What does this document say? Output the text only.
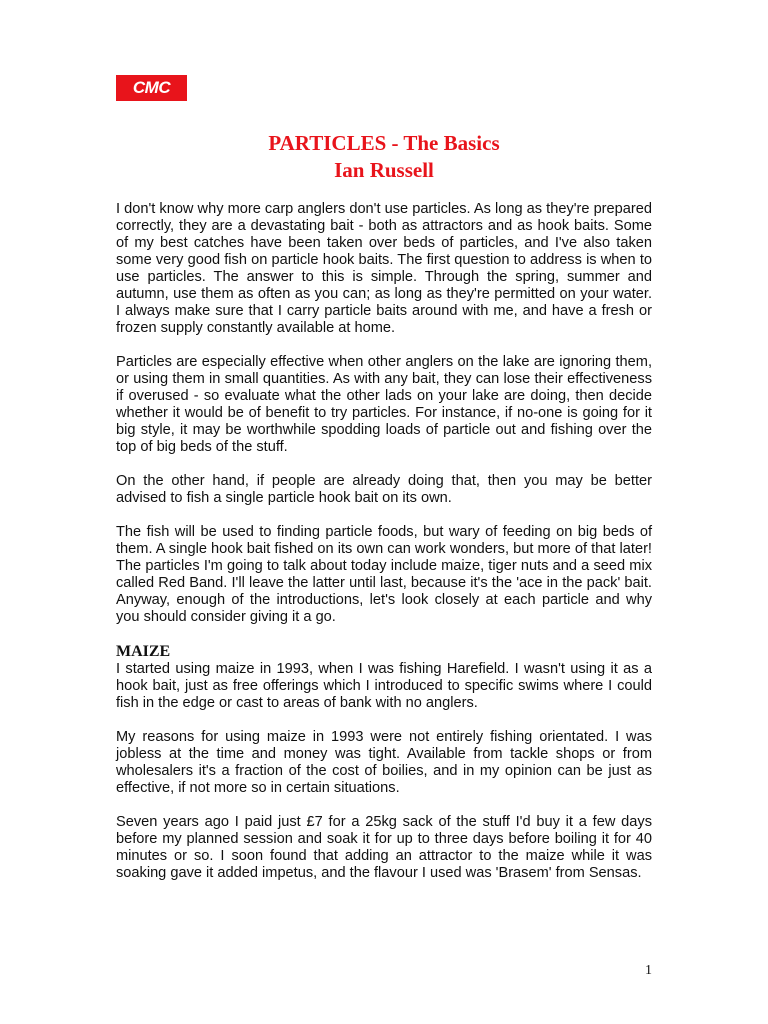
CMC
PARTICLES - The Basics
Ian Russell

I don't know why more carp anglers don't use particles. As long as they're prepared correctly, they are a devastating bait - both as attractors and as hook baits. Some of my best catches have been taken over beds of particles, and I've also taken some very good fish on particle hook baits. The first question to address is when to use particles. The answer to this is simple. Through the spring, summer and autumn, use them as often as you can; as long as they're permitted on your water. I always make sure that I carry particle baits around with me, and have a fresh or frozen supply constantly available at home.

Particles are especially effective when other anglers on the lake are ignoring them, or using them in small quantities. As with any bait, they can lose their effectiveness if overused - so evaluate what the other lads on your lake are doing, then decide whether it would be of benefit to try particles. For instance, if no-one is going for it big style, it may be worthwhile spodding loads of particle out and fishing over the top of big beds of the stuff.

On the other hand, if people are already doing that, then you may be better advised to fish a single particle hook bait on its own.

The fish will be used to finding particle foods, but wary of feeding on big beds of them. A single hook bait fished on its own can work wonders, but more of that later! The particles I'm going to talk about today include maize, tiger nuts and a seed mix called Red Band. I'll leave the latter until last, because it's the 'ace in the pack' bait. Anyway, enough of the introductions, let's look closely at each particle and why you should consider giving it a go.

MAIZE

I started using maize in 1993, when I was fishing Harefield. I wasn't using it as a hook bait, just as free offerings which I introduced to specific swims where I could fish in the edge or cast to areas of bank with no anglers.

My reasons for using maize in 1993 were not entirely fishing orientated. I was jobless at the time and money was tight. Available from tackle shops or from wholesalers it's a fraction of the cost of boilies, and in my opinion can be just as effective, if not more so in certain situations.

Seven years ago I paid just £7 for a 25kg sack of the stuff I'd buy it a few days before my planned session and soak it for up to three days before boiling it for 40 minutes or so. I soon found that adding an attractor to the maize while it was soaking gave it added impetus, and the flavour I used was 'Brasem' from Sensas.

1
